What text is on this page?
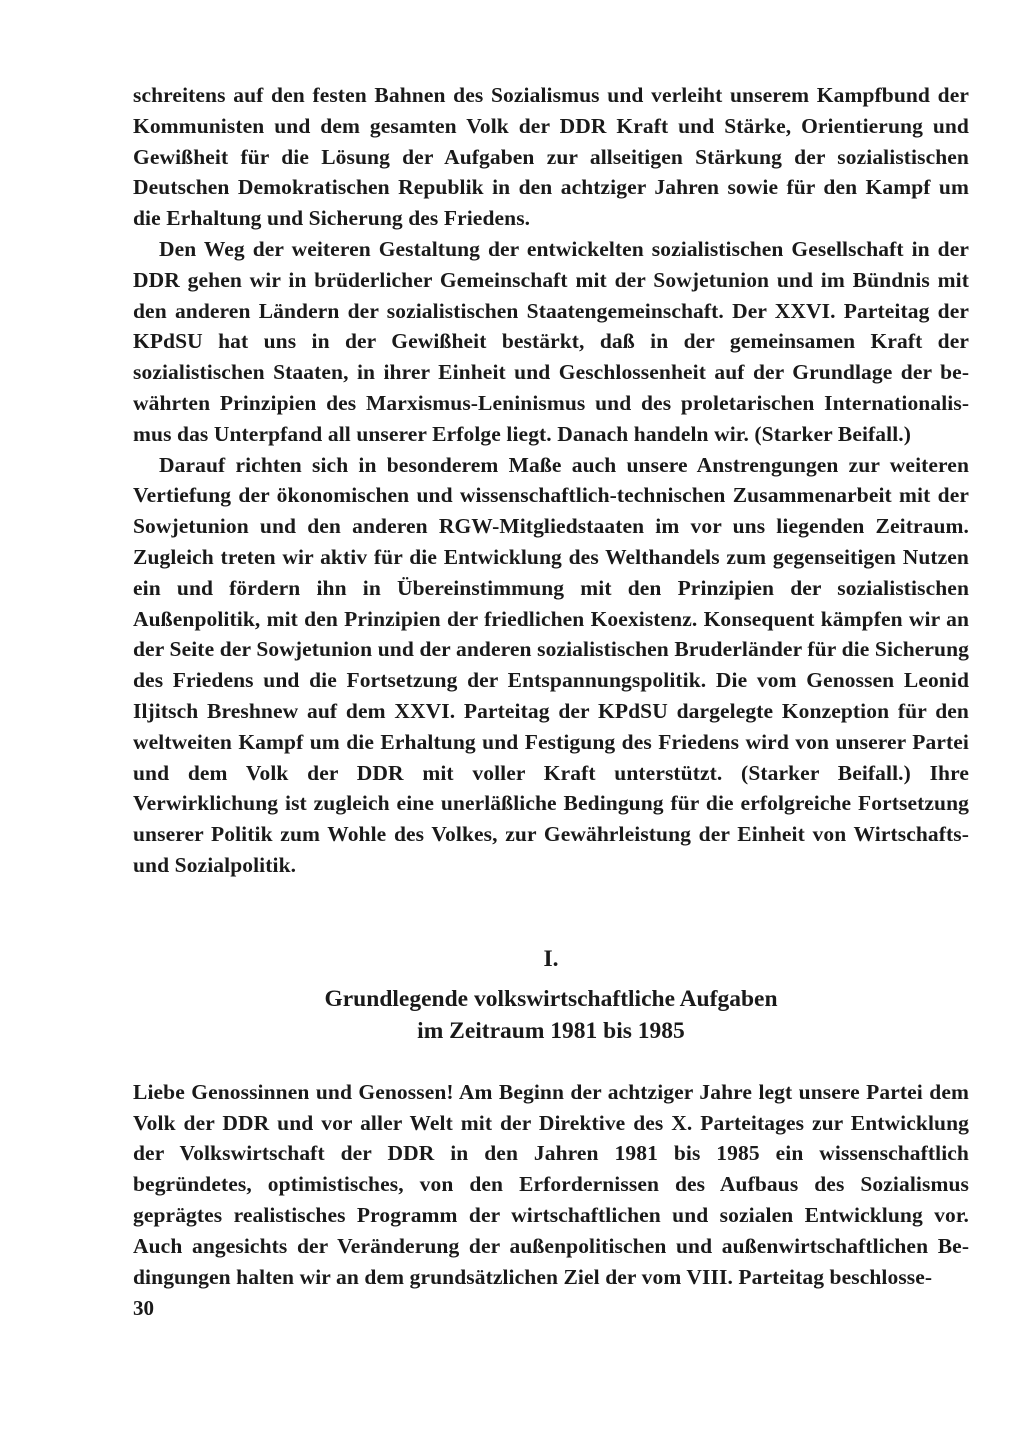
schreitens auf den festen Bahnen des Sozialismus und verleiht unserem Kampfbund der Kommunisten und dem gesamten Volk der DDR Kraft und Stärke, Orientierung und Gewißheit für die Lösung der Aufgaben zur allseitigen Stärkung der sozialistischen Deutschen Demokratischen Republik in den achtziger Jahren sowie für den Kampf um die Erhaltung und Sicherung des Friedens.

Den Weg der weiteren Gestaltung der entwickelten sozialistischen Gesellschaft in der DDR gehen wir in brüderlicher Gemeinschaft mit der Sowjetunion und im Bündnis mit den anderen Ländern der sozialistischen Staatengemeinschaft. Der XXVI. Parteitag der KPdSU hat uns in der Gewißheit bestärkt, daß in der gemeinsamen Kraft der sozialistischen Staaten, in ihrer Einheit und Geschlossenheit auf der Grundlage der bewährten Prinzipien des Marxismus-Leninismus und des proletarischen Internationalismus das Unterpfand all unserer Erfolge liegt. Danach handeln wir. (Starker Beifall.)

Darauf richten sich in besonderem Maße auch unsere Anstrengungen zur weiteren Vertiefung der ökonomischen und wissenschaftlich-technischen Zusammenarbeit mit der Sowjetunion und den anderen RGW-Mitgliedstaaten im vor uns liegenden Zeitraum. Zugleich treten wir aktiv für die Entwicklung des Welthandels zum gegenseitigen Nutzen ein und fördern ihn in Übereinstimmung mit den Prinzipien der sozialistischen Außenpolitik, mit den Prinzipien der friedlichen Koexistenz. Konsequent kämpfen wir an der Seite der Sowjetunion und der anderen sozialistischen Bruderländer für die Sicherung des Friedens und die Fortsetzung der Entspannungspolitik. Die vom Genossen Leonid Iljitsch Breshnew auf dem XXVI. Parteitag der KPdSU dargelegte Konzeption für den weltweiten Kampf um die Erhaltung und Festigung des Friedens wird von unserer Partei und dem Volk der DDR mit voller Kraft unterstützt. (Starker Beifall.) Ihre Verwirklichung ist zugleich eine unerläßliche Bedingung für die erfolgreiche Fortsetzung unserer Politik zum Wohle des Volkes, zur Gewährleistung der Einheit von Wirtschafts- und Sozialpolitik.

I.

Grundlegende volkswirtschaftliche Aufgaben

im Zeitraum 1981 bis 1985

Liebe Genossinnen und Genossen! Am Beginn der achtziger Jahre legt unsere Partei dem Volk der DDR und vor aller Welt mit der Direktive des X. Parteitages zur Entwicklung der Volkswirtschaft der DDR in den Jahren 1981 bis 1985 ein wissenschaftlich begründetes, optimistisches, von den Erfordernissen des Aufbaus des Sozialismus geprägtes realistisches Programm der wirtschaftlichen und sozialen Entwicklung vor. Auch angesichts der Veränderung der außenpolitischen und außenwirtschaftlichen Bedingungen halten wir an dem grundsätzlichen Ziel der vom VIII. Parteitag beschlosse-

30
